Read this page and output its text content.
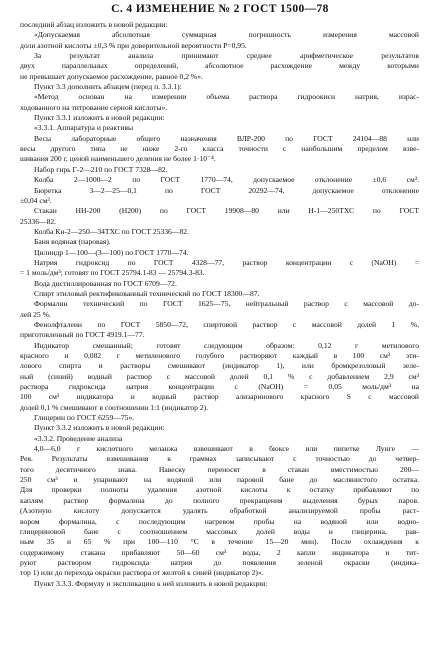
С. 4 ИЗМЕНЕНИЕ № 2 ГОСТ 1500—78
последний абзац изложить в новой редакции:
«Допускаемая абсолютная суммарная погрешность измерения массовой
доли азотной кислоты ±0,3 % при доверительной вероятности P=0,95.
За результат анализа принимают среднее арифметическое результатов
двух параллельных определений, абсолютное расхождение между которыми
не превышает допускаемое расхождение, равное 0,2 %».
Пункт 3.3 дополнить абзацем (перед п. 3.3.1):
«Метод основан на измерении объема раствора гидроокиси натрия, израс-
ходованного на титрование серной кислоты».
Пункт 3.3.1 изложить в новой редакции:
«3.3.1. Аппаратура и реактивы
Весы лабораторные общего назначения ВЛР-200 по ГОСТ 24104—88 или
весы другого типа не ниже 2-го класса точности с наибольшим пределом взве-
шивания 200 г, ценой наименьшего деления не более 1·10⁻⁴.
Набор гирь Г-2—210 по ГОСТ 7328—82.
Колба 2—1000—2 по ГОСТ 1770—74, допускаемое отклонение ±0,6 см³.
Бюретка 3—2—25—0,1 по ГОСТ 20292—74, допускаемое отклонение
±0,04 см³.
Стакан НН-200 (Н200) по ГОСТ 19908—80 или Н-1—250ТХС по ГОСТ
25336—82.
Колба Кн-2—250—34ТХС по ГОСТ 25336—82.
Баня водяная (паровая).
Цилиндр 1—100—(3—100) по ГОСТ 1770—74.
Натрия гидроксид по ГОСТ 4328—77, раствор концентрации c (NaOH) =
= 1 моль/дм³; готовят по ГОСТ 25794.1-83 — 25794.3-83.
Вода дистиллированная по ГОСТ 6709—72.
Спирт этиловый ректификованный технический по ГОСТ 18300—87.
Формалин технический по ГОСТ 1625—75, нейтральный раствор с массовой до-
лей 25 %.
Фенолфталеин по ГОСТ 5850—72, спиртовой раствор с массовой долей 1 %,
приготовленный по ГОСТ 4919.1—77.
Индикатор смешанный; готовят следующим образом: 0,12 г метилового
красного и 0,082 г метиленового голубого растворяют каждый в 100 см³ эти-
лового спирта и растворы смешивают (индикатор 1), или бромкрезоловый зеле-
ный (синий) водный раствор с массовой долей 0,1 % с добавлением 2,9 см³
раствора гидроксида натрия концентрации c (NaOH) = 0,05 моль/дм³ на
100 см³ индикатора и водный раствор ализаринового красного S с массовой
долей 0,1 % смешивают в соотношении 1:1 (индикатор 2).
Глицерин по ГОСТ 6259—75».
Пункт 3.3.2 изложить в новой редакции:
«3.3.2. Проведение анализа
4,0—6,0 г кислотного меланжа взвешивают в бюксе или пипетке Лунге —
Рея. Результаты взвешивания в граммах записывают с точностью до четвер-
того десятичного знака. Навеску переносят в стакан вместимостью 200—
250 см³ и упаривают на водяной или паровой бане до маслянистого остатка.
Для проверки полноты удаления азотной кислоты к остатку прибавляют по
каплям раствор формалина до полного прекращения выделения бурых паров.
(Азотную кислоту допускается удалять обработкой анализируемой пробы раст-
вором формалина, с последующим нагревом пробы на водяной или водно-
глицериновой бане с соотношением массовых долей воды и глицерина, рав-
ным 35 и 65 % при 100—110 °С в течение 15—20 мин). После охлаждения к
содержимому стакана прибавляют 50—60 см³ воды, 2 капли индикатора и тит-
руют раствором гидроксида натрия до появления зеленой окраски (индика-
тор 1) или до перехода окраски раствора от желтой к синей (индикатор 2)».
Пункт 3.3.3. Формулу и экспликацию к ней изложить в новой редакции:
